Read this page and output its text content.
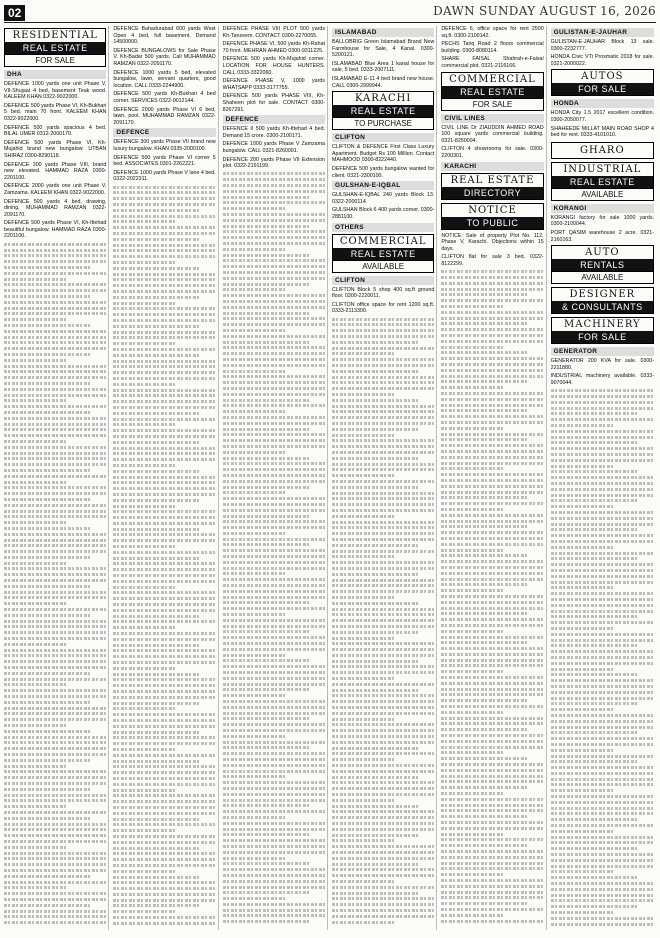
02	DAWN SUNDAY AUGUST 16, 2026
RESIDENTIAL
REAL ESTATE
FOR SALE
DHA

DEFENCE 1000 yards one unit Phase V, VII-Shujaat 4 bed, basement Teak wood. KALEEM KHAN 0322-9022000.

DEFENCE 500 yards Phase VI, Kh-Bukhari 5 bed, main 70 front. KALEEM KHAN 0322-9022000.

DEFENCE 500 yards spacious 4 bed. BILAL UMER 0312-2000170.

DEFENCE 500 yards Phase VI, Kh-Mujahid brand new bungalow. UTBAN SHIRAZ 0300-8290118.

DEFENCE 300 yards Phase VIII, brand new elevated. HAMMAD RAZA 0300-2201100.

DEFENCE 2000 yards one unit Phase V, Zamzama. KALEEM KHAN 0322-9022000.

DEFENCE 500 yards 4 bed, drawing, dining. MUHAMMAD RAMZAN 0322-2091170.

DEFENCE 500 yards Phase VI, Kh-Ittehad beautiful bungalow. HAMMAD RAZA 0300-2201100.

DEFENCE Bahadurabad 600 yards West Open 4 bed, full basement. Demand 14500000.

DEFENCE BUNGALOWS for Sale Phase V. Kh-Badar 500 yards. Call MUHAMMAD RAMZAN 0322-2091170.

DEFENCE 1000 yards 5 bed, elevated bungalow, lawn, servant quarters, good location. CALL 0333-2244900.

DEFENCE 500 yards Kh-Bukhari 4 bed corner. SERVICES 0322-0012144.

DEFENCE 2000 yards Phase VI 6 bed, lawn, pool. MUHAMMAD RAMZAN 0322-2091170.

DEFENCE

DEFENCE 300 yards Phase VII brand new luxury bungalow. KHAN 0335-2000100.

DEFENCE 500 yards Phase VI corner 5 bed. ASSOCIATES 0301-2262221.

DEFENCE 1000 yards Phase V lane 4 bed. 0322-2022311.

DEFENCE PHASE VIII PLOT 500 yards Kh-Tanzeem. CONTACT 0300-2270055.

DEFENCE PHASE VI, 500 yards Kh-Rahat 70 front. MEHRAN AHMED 0300-9311225.

DEFENCE 500 yards Kh-Mujahid corner. LOCATION FOR HOUSE HUNTERS. CALL 0333-3322060.

DEFENCE PHASE V, 1000 yards WHATSAPP 0333-3177755.

DEFENCE 500 yards PHASE VIII, Kh-Shaheen plot for sale. CONTACT 0300-8267291.

DEFENCE

DEFENCE II 500 yards Kh-Ittehad 4 bed. Demand 15 crore. 0300-2100171.

DEFENCE 1000 yards Phase V Zamzama bungalow. CALL 0321-8260001.

DEFENCE 200 yards Phase VII Extension plot. 0322-2191199.

ISLAMABAD

BALLOBRIG Green Islamabad Brand New Farmhouse for Sale, 4 Kanal. 0300-5200121.

ISLAMABAD Blue Area 1 kanal house for sale, 5 bed. 0333-2007111.

ISLAMABAD E-11 4 bed brand new house. CALL 0300-2999944.

KARACHI
REAL ESTATE
TO PURCHASE
CLIFTON

CLIFTON & DEFENCE First Class Luxury Apartment. Budget Rs 100 Million. Contact MAHMOOD 0300-8222440.

DEFENCE 500 yards bungalow wanted for client. 0321-2300100.

GULSHAN-E-IQBAL

GULSHAN-E-IQBAL 240 yards Block 13. 0322-2000114.

GULSHAN Block 6 400 yards corner. 0300-2881100.

OTHERS
COMMERCIAL
REAL ESTATE
AVAILABLE
CLIFTON

CLIFTON Block 5 shop 400 sq.ft ground floor. 0300-2220011.

CLIFTON office space for rent 1200 sq.ft. 0333-2113300.

DEFENCE 6, office space for rent 2500 sq.ft. 0300-2100142.

PECHS Tariq Road 2 floors commercial building. 0300-8080114.

SHARE FAISAL Shahrah-e-Faisal commercial plot. 0321-2116166.

COMMERCIAL
REAL ESTATE
FOR SALE
CIVIL LINES

CIVIL LINE Dr ZIAUDDIN AHMED ROAD 100 square yards commercial building. 0321-8250004.

CLIFTON 4 showrooms for sale. 0300-2200301.

KARACHI
REAL ESTATE
DIRECTORY
NOTICE
TO PUBLIC

NOTICE: Sale of property Plot No. 112, Phase V, Karachi. Objections within 15 days.

CLIFTON flat for sale 3 bed. 0322-8122299.

GULISTAN-E-JAUHAR

GULISTAN-E-JAUHAR Block 13 sale. 0300-2232777.

HONDA Civic VTi Prosmatic 2018 for sale. 0321-2000022.

AUTOS
FOR SALE
HONDA

HONDA City 1.5 2017 excellent condition. 0300-2050077.

SHAHEEDE MILLAT MAIN ROAD SHOP 4 bed for rent. 0333-4101010.

GHARO
INDUSTRIAL
REAL ESTATE
AVAILABLE
KORANGI

KORANGI factory for sale 1000 yards. 0300-2100044.

PORT QASIM warehouse 2 acre. 0321-2160163.

AUTO
RENTALS
AVAILABLE
DESIGNER
& CONSULTANTS
MACHINERY
FOR SALE
GENERATOR

GENERATOR 200 KVA for sale. 0300-2211880.

INDUSTRIAL machinery available. 0333-9070044.
